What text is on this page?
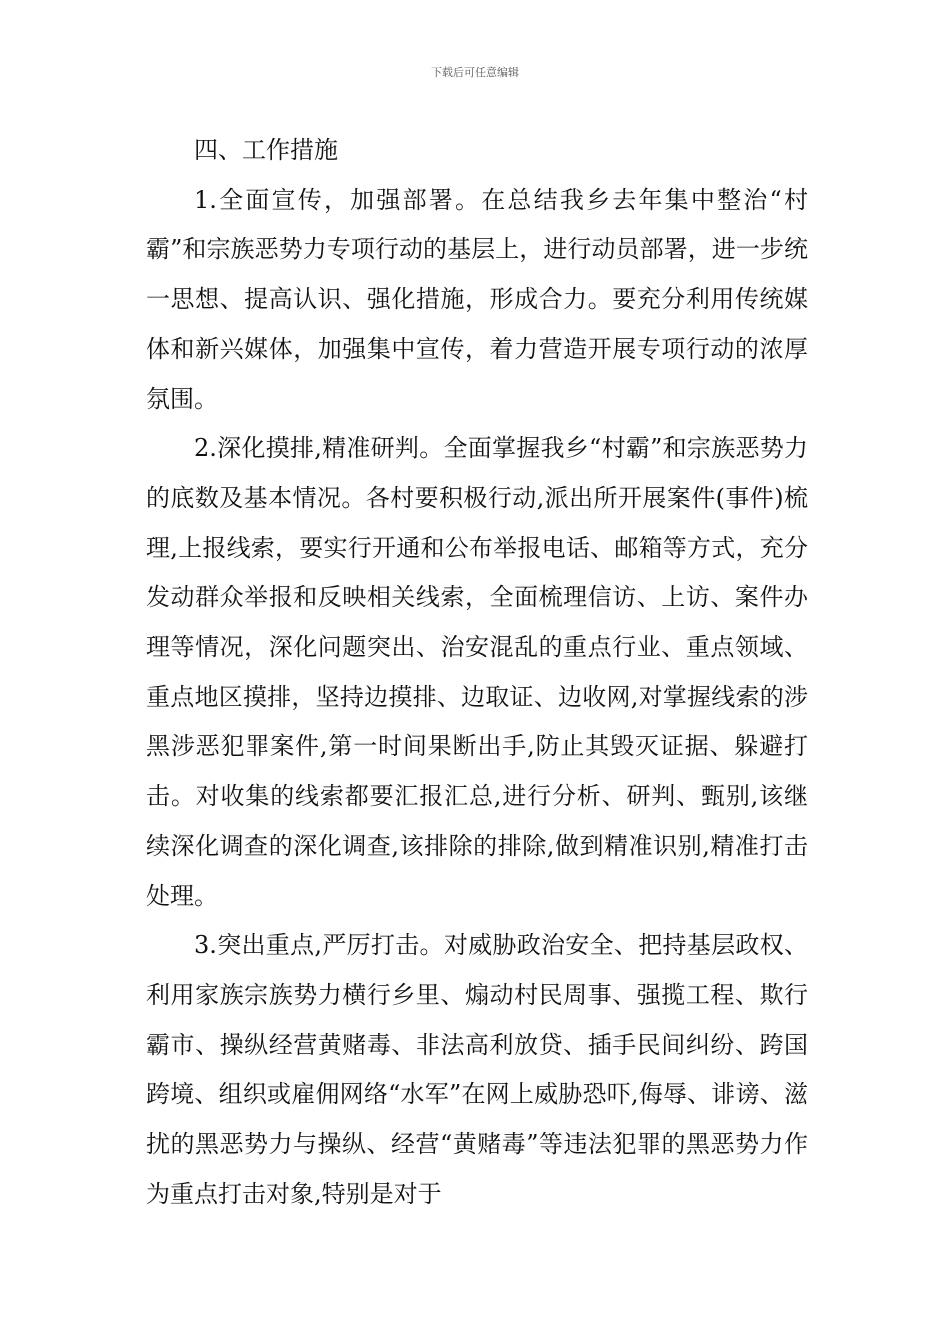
下载后可任意编辑

四、工作措施

1.全面宣传，加强部署。在总结我乡去年集中整治“村霸”和宗族恶势力专项行动的基层上，进行动员部署，进一步统一思想、提高认识、强化措施，形成合力。要充分利用传统媒体和新兴媒体，加强集中宣传，着力营造开展专项行动的浓厚氛围。

2.深化摸排,精准研判。全面掌握我乡“村霸”和宗族恶势力的底数及基本情况。各村要积极行动,派出所开展案件(事件)梳理,上报线索，要实行开通和公布举报电话、邮箱等方式，充分发动群众举报和反映相关线索，全面梳理信访、上访、案件办理等情况，深化问题突出、治安混乱的重点行业、重点领域、重点地区摸排，坚持边摸排、边取证、边收网,对掌握线索的涉黑涉恶犯罪案件,第一时间果断出手,防止其毁灭证据、躲避打击。对收集的线索都要汇报汇总,进行分析、研判、甄别,该继续深化调查的深化调查,该排除的排除,做到精准识别,精准打击处理。

3.突出重点,严厉打击。对威胁政治安全、把持基层政权、利用家族宗族势力横行乡里、煽动村民周事、强揽工程、欺行霸市、操纵经营黄赌毒、非法高利放贷、插手民间纠纷、跨国跨境、组织或雇佣网络“水军”在网上威胁恐吓,侮辱、诽谤、滋扰的黑恶势力与操纵、经营“黄赌毒”等违法犯罪的黑恶势力作为重点打击对象,特别是对于
